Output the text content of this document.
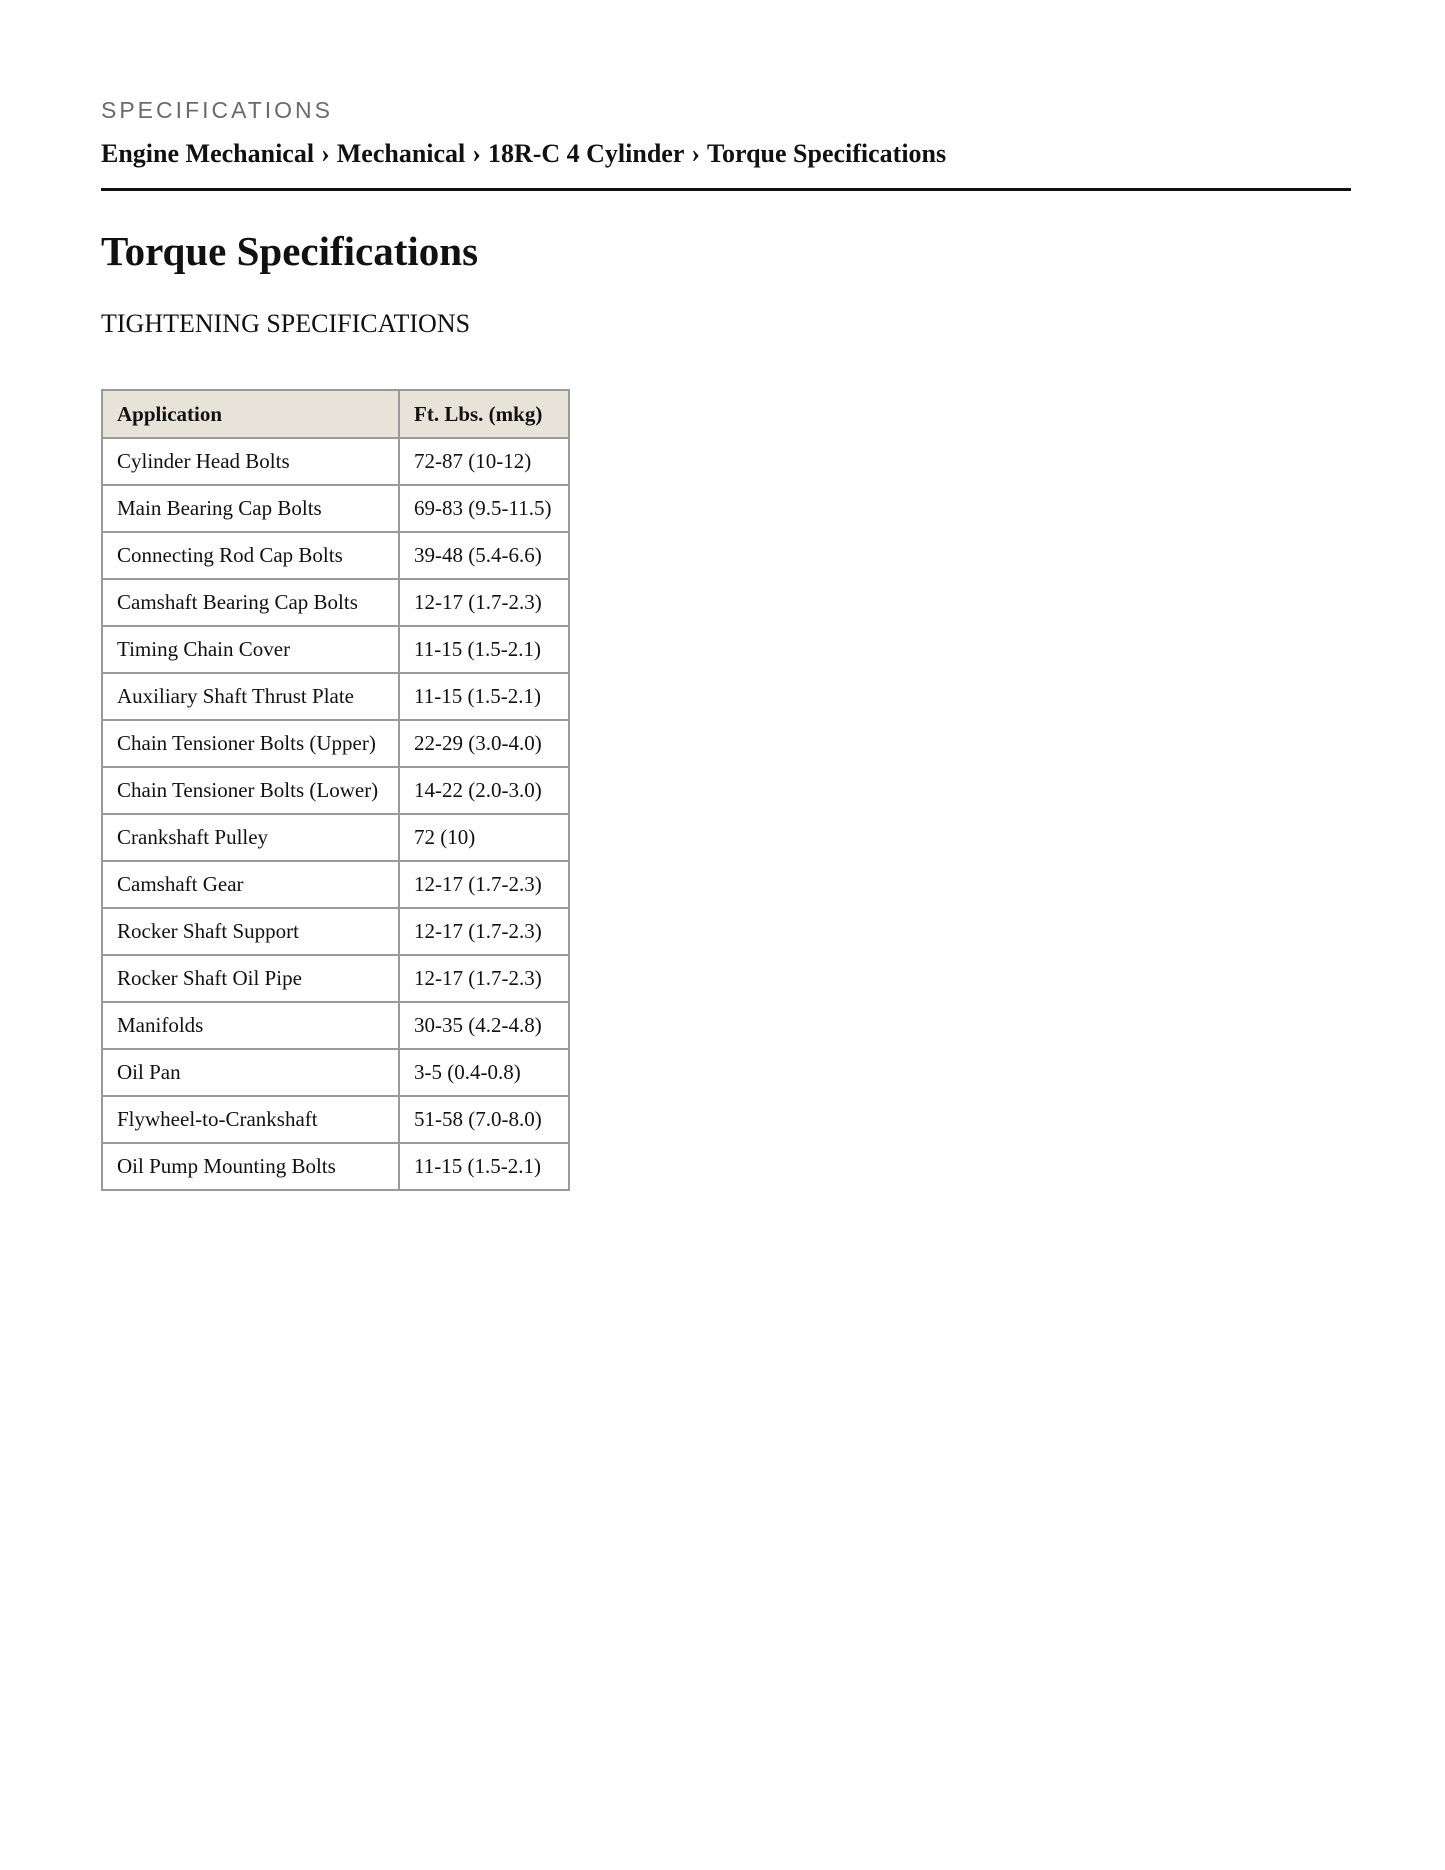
SPECIFICATIONS
Engine Mechanical › Mechanical › 18R-C 4 Cylinder › Torque Specifications
Torque Specifications
TIGHTENING SPECIFICATIONS
Application	Ft. Lbs. (mkg)
Cylinder Head Bolts	72-87 (10-12)
Main Bearing Cap Bolts	69-83 (9.5-11.5)
Connecting Rod Cap Bolts	39-48 (5.4-6.6)
Camshaft Bearing Cap Bolts	12-17 (1.7-2.3)
Timing Chain Cover	11-15 (1.5-2.1)
Auxiliary Shaft Thrust Plate	11-15 (1.5-2.1)
Chain Tensioner Bolts (Upper)	22-29 (3.0-4.0)
Chain Tensioner Bolts (Lower)	14-22 (2.0-3.0)
Crankshaft Pulley	72 (10)
Camshaft Gear	12-17 (1.7-2.3)
Rocker Shaft Support	12-17 (1.7-2.3)
Rocker Shaft Oil Pipe	12-17 (1.7-2.3)
Manifolds	30-35 (4.2-4.8)
Oil Pan	3-5 (0.4-0.8)
Flywheel-to-Crankshaft	51-58 (7.0-8.0)
Oil Pump Mounting Bolts	11-15 (1.5-2.1)
